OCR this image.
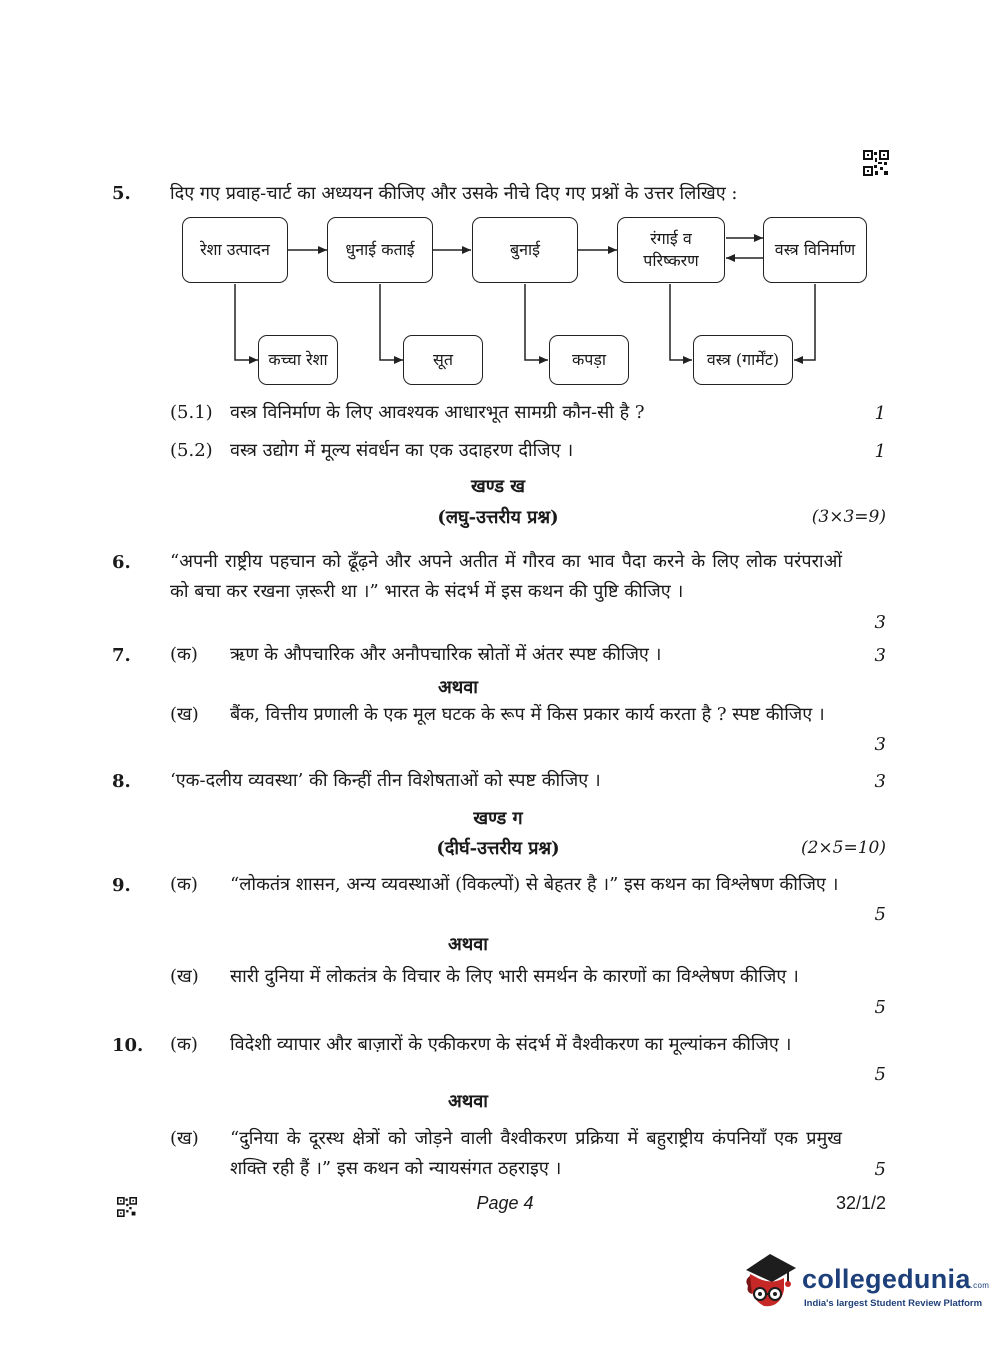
5. दिए गए प्रवाह-चार्ट का अध्ययन कीजिए और उसके नीचे दिए गए प्रश्नों के उत्तर लिखिए :
रेशा उत्पादन	धुनाई कताई	बुनाई
रंगाई व परिष्करण
वस्त्र विनिर्माण
कच्चा रेशा	सूत	कपड़ा	वस्त्र (गार्मेंट)
(5.1) वस्त्र विनिर्माण के लिए आवश्यक आधारभूत सामग्री कौन-सी है ?	1
(5.2) वस्त्र उद्योग में मूल्य संवर्धन का एक उदाहरण दीजिए ।	1
खण्ड ख
(लघु-उत्तरीय प्रश्न)	(3×3=9)
6. “अपनी राष्ट्रीय पहचान को ढूँढ़ने और अपने अतीत में गौरव का भाव पैदा करने के लिए लोक परंपराओं को बचा कर रखना ज़रूरी था ।” भारत के संदर्भ में इस कथन की पुष्टि कीजिए ।
3
7. (क) ऋण के औपचारिक और अनौपचारिक स्रोतों में अंतर स्पष्ट कीजिए ।	3
अथवा
(ख) बैंक, वित्तीय प्रणाली के एक मूल घटक के रूप में किस प्रकार कार्य करता है ? स्पष्ट कीजिए ।
3
8. ‘एक-दलीय व्यवस्था’ की किन्हीं तीन विशेषताओं को स्पष्ट कीजिए ।	3
खण्ड ग
(दीर्घ-उत्तरीय प्रश्न)	(2×5=10)
9. (क) “लोकतंत्र शासन, अन्य व्यवस्थाओं (विकल्पों) से बेहतर है ।” इस कथन का विश्लेषण कीजिए ।
5
अथवा
(ख) सारी दुनिया में लोकतंत्र के विचार के लिए भारी समर्थन के कारणों का विश्लेषण कीजिए ।
5
10. (क) विदेशी व्यापार और बाज़ारों के एकीकरण के संदर्भ में वैश्वीकरण का मूल्यांकन कीजिए ।
5
अथवा
(ख) “दुनिया के दूरस्थ क्षेत्रों को जोड़ने वाली वैश्वीकरण प्रक्रिया में बहुराष्ट्रीय कंपनियाँ एक प्रमुख शक्ति रही हैं ।” इस कथन को न्यायसंगत ठहराइए ।	5
Page 4	32/1/2
collegedunia.com
India's largest Student Review Platform
